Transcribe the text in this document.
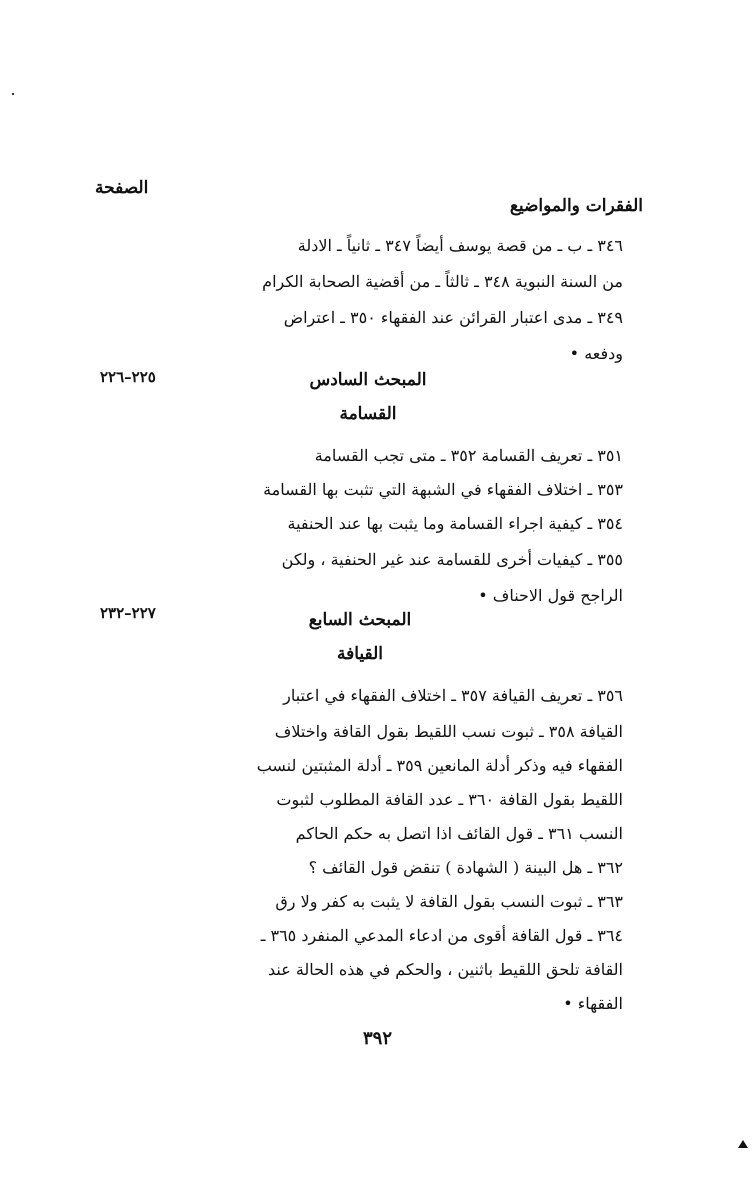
الصفحة
الفقرات والمواضيع
٣٤٦ ـ ب ـ من قصة يوسف أيضاً ٣٤٧ ـ ثانياً ـ الادلة
من السنة النبوية ٣٤٨ ـ ثالثاً ـ من أقضية الصحابة الكرام
٣٤٩ ـ مدى اعتبار القرائن عند الفقهاء ٣٥٠ ـ اعتراض
ودفعه •
٢٢٥–٢٢٦	المبحث السادس
القسامة
٣٥١ ـ تعريف القسامة ٣٥٢ ـ متى تجب القسامة
٣٥٣ ـ اختلاف الفقهاء في الشبهة التي تثبت بها القسامة
٣٥٤ ـ كيفية اجراء القسامة وما يثبت بها عند الحنفية
٣٥٥ ـ كيفيات أخرى للقسامة عند غير الحنفية ، ولكن
الراجح قول الاحناف •
٢٢٧–٢٣٢	المبحث السابع
القيافة
٣٥٦ ـ تعريف القيافة ٣٥٧ ـ اختلاف الفقهاء في اعتبار
القيافة ٣٥٨ ـ ثبوت نسب اللقيط بقول القافة واختلاف
الفقهاء فيه وذكر أدلة المانعين ٣٥٩ ـ أدلة المثبتين لنسب
اللقيط بقول القافة ٣٦٠ ـ عدد القافة المطلوب لثبوت
النسب ٣٦١ ـ قول القائف اذا اتصل به حكم الحاكم
٣٦٢ ـ هل البينة ( الشهادة ) تنقض قول القائف ؟
٣٦٣ ـ ثبوت النسب بقول القافة لا يثبت به كفر ولا رق
٣٦٤ ـ قول القافة أقوى من ادعاء المدعي المنفرد ٣٦٥ ـ
القافة تلحق اللقيط باثنين ، والحكم في هذه الحالة عند
الفقهاء •
٣٩٢
